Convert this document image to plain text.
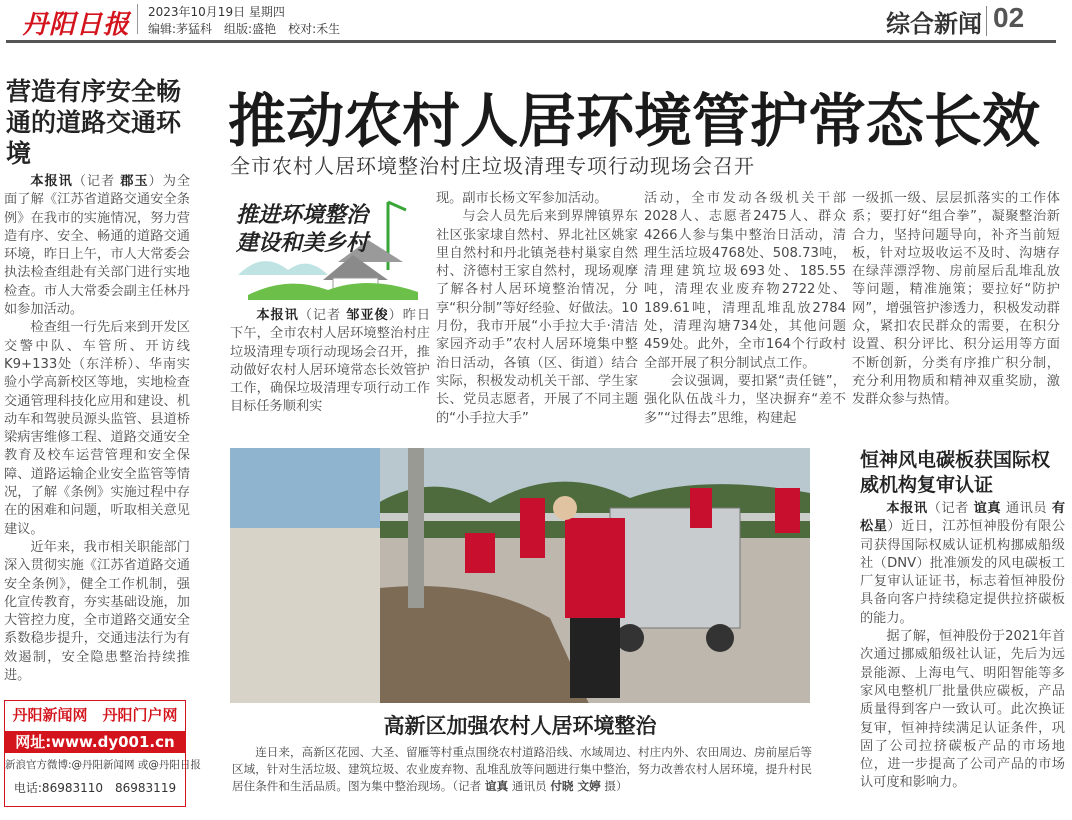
丹阳日报 2023年10月19日 星期四
编辑:茅猛科　组版:盛艳　校对:禾生	综合新闻 02
营造有序安全畅通的道路交通环境

本报讯（记者 郡玉）为全面了解《江苏省道路交通安全条例》在我市的实施情况，努力营造有序、安全、畅通的道路交通环境，昨日上午，市人大常委会执法检查组赴有关部门进行实地检查。市人大常委会副主任林丹如参加活动。

检查组一行先后来到开发区交警中队、车管所、开访线K9+133处（东洋桥）、华南实验小学高新校区等地，实地检查交通管理科技化应用和建设、机动车和驾驶员源头监管、县道桥梁病害维修工程、道路交通安全教育及校车运营管理和安全保障、道路运输企业安全监管等情况，了解《条例》实施过程中存在的困难和问题，听取相关意见建议。

近年来，我市相关职能部门深入贯彻实施《江苏省道路交通安全条例》，健全工作机制，强化宣传教育，夯实基础设施，加大管控力度，全市道路交通安全系数稳步提升，交通违法行为有效遏制，安全隐患整治持续推进。

丹阳新闻网　丹阳门户网
网址:www.dy001.cn
新浪官方微博:@丹阳新闻网 或@丹阳日报
电话:86983110　86983119
推动农村人居环境管护常态长效
全市农村人居环境整治村庄垃圾清理专项行动现场会召开
推进环境整治
建设和美乡村

本报讯（记者 邹亚俊）昨日下午，全市农村人居环境整治村庄垃圾清理专项行动现场会召开，推动做好农村人居环境常态长效管护工作，确保垃圾清理专项行动工作目标任务顺利实

现。副市长杨文军参加活动。

与会人员先后来到界牌镇界东社区张家埭自然村、界北社区姚家里自然村和丹北镇尧巷村巢家自然村、济德村王家自然村，现场观摩了解各村人居环境整治情况，分享“积分制”等好经验、好做法。10月份，我市开展“小手拉大手·清洁家园齐动手”农村人居环境集中整治日活动，各镇（区、街道）结合实际，积极发动机关干部、学生家长、党员志愿者，开展了不同主题的“小手拉大手”

活动，全市发动各级机关干部2028人、志愿者2475人、群众4266人参与集中整治日活动，清理生活垃圾4768处、508.73吨，清理建筑垃圾693处、185.55吨，清理农业废弃物2722处、189.61吨，清理乱堆乱放2784处，清理沟塘734处，其他问题459处。此外，全市164个行政村全部开展了积分制试点工作。

会议强调，要扣紧“责任链”，强化队伍战斗力，坚决摒弃“差不多”“过得去”思维，构建起

一级抓一级、层层抓落实的工作体系；要打好“组合拳”，凝聚整治新合力，坚持问题导向，补齐当前短板，针对垃圾收运不及时、沟塘存在绿萍漂浮物、房前屋后乱堆乱放等问题，精准施策；要拉好“防护网”，增强管护渗透力，积极发动群众，紧扣农民群众的需要，在积分设置、积分评比、积分运用等方面不断创新，分类有序推广积分制，充分利用物质和精神双重奖励，激发群众参与热情。
高新区加强农村人居环境整治
连日来，高新区花园、大圣、留雁等村重点围绕农村道路沿线、水域周边、村庄内外、农田周边、房前屋后等区域，针对生活垃圾、建筑垃圾、农业废弃物、乱堆乱放等问题进行集中整治，努力改善农村人居环境，提升村民居住条件和生活品质。图为集中整治现场。（记者 谊真 通讯员 付晓 文婷 摄）
恒神风电碳板获国际权威机构复审认证

本报讯（记者 谊真 通讯员 有松星）近日，江苏恒神股份有限公司获得国际权威认证机构挪威船级社（DNV）批准颁发的风电碳板工厂复审认证证书，标志着恒神股份具备向客户持续稳定提供拉挤碳板的能力。

据了解，恒神股份于2021年首次通过挪威船级社认证，先后为远景能源、上海电气、明阳智能等多家风电整机厂批量供应碳板，产品质量得到客户一致认可。此次换证复审，恒神持续满足认证条件，巩固了公司拉挤碳板产品的市场地位，进一步提高了公司产品的市场认可度和影响力。
